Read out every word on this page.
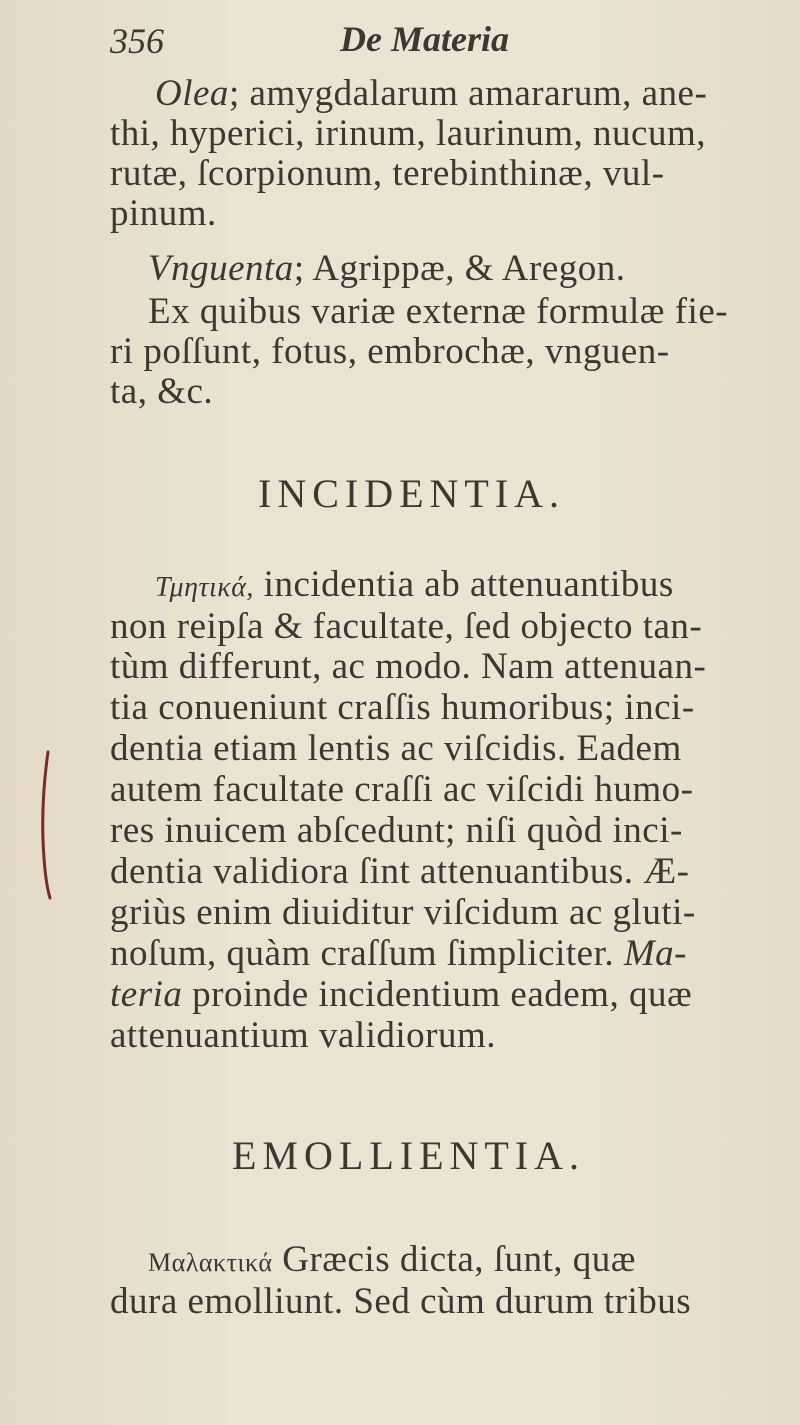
356	De Materia
Olea; amygdalarum amararum, ane-
thi, hyperici, irinum, laurinum, nucum,
rutæ, ſcorpionum, terebinthinæ, vul-
pinum.
Vnguenta; Agrippæ, & Aregon.
Ex quibus variæ externæ formulæ fie-
ri poſſunt, fotus, embrochæ, vnguen-
ta, &c.
INCIDENTIA.
Τμητικά, incidentia ab attenuantibus
non reipſa & facultate, ſed objecto tan-
tùm differunt, ac modo. Nam attenuan-
tia conueniunt craſſis humoribus; inci-
dentia etiam lentis ac viſcidis. Eadem
autem facultate craſſi ac viſcidi humo-
res inuicem abſcedunt; niſi quòd inci-
dentia validiora ſint attenuantibus. Æ-
griùs enim diuiditur viſcidum ac gluti-
noſum, quàm craſſum ſimpliciter. Ma-
teria proinde incidentium eadem, quæ
attenuantium validiorum.
EMOLLIENTIA.
Μαλακτικά Græcis dicta, ſunt, quæ
dura emolliunt. Sed cùm durum tribus
